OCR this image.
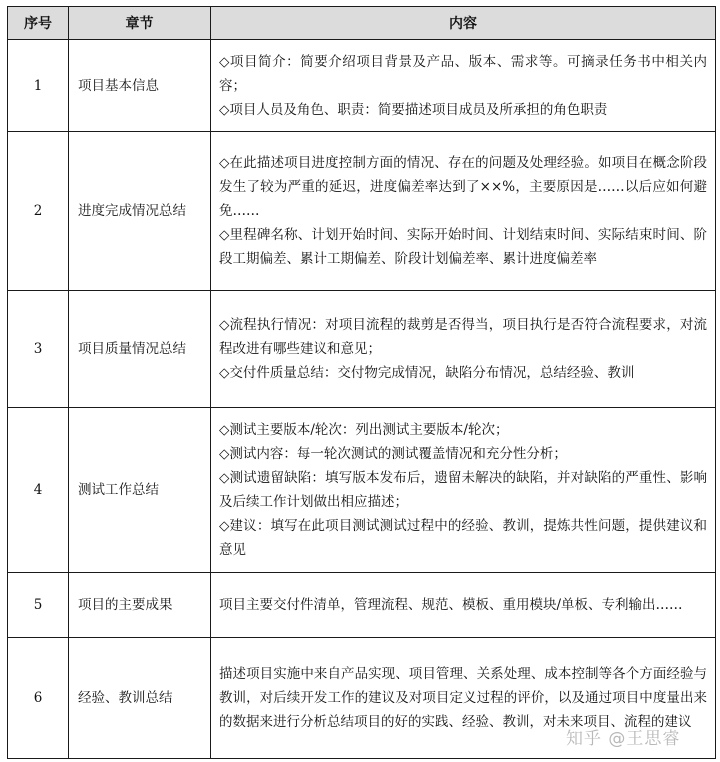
序号	章节	内容
1	项目基本信息	◇项目简介：简要介绍项目背景及产品、版本、需求等。可摘录任务书中相关内容；
◇项目人员及角色、职责：简要描述项目成员及所承担的角色职责

2	进度完成情况总结	◇在此描述项目进度控制方面的情况、存在的问题及处理经验。如项目在概念阶段发生了较为严重的延迟，进度偏差率达到了××%，主要原因是……以后应如何避免……
◇里程碑名称、计划开始时间、实际开始时间、计划结束时间、实际结束时间、阶段工期偏差、累计工期偏差、阶段计划偏差率、累计进度偏差率

3	项目质量情况总结	◇流程执行情况：对项目流程的裁剪是否得当，项目执行是否符合流程要求，对流程改进有哪些建议和意见；
◇交付件质量总结：交付物完成情况，缺陷分布情况，总结经验、教训

4	测试工作总结	◇测试主要版本/轮次：列出测试主要版本/轮次；
◇测试内容：每一轮次测试的测试覆盖情况和充分性分析；
◇测试遗留缺陷：填写版本发布后，遗留未解决的缺陷，并对缺陷的严重性、影响及后续工作计划做出相应描述；
◇建议：填写在此项目测试测试过程中的经验、教训，提炼共性问题，提供建议和意见

5	项目的主要成果	项目主要交付件清单，管理流程、规范、模板、重用模块/单板、专利输出……

6	经验、教训总结	描述项目实施中来自产品实现、项目管理、关系处理、成本控制等各个方面经验与教训，对后续开发工作的建议及对项目定义过程的评价，以及通过项目中度量出来的数据来进行分析总结项目的好的实践、经验、教训，对未来项目、流程的建议
知乎 @王思睿
